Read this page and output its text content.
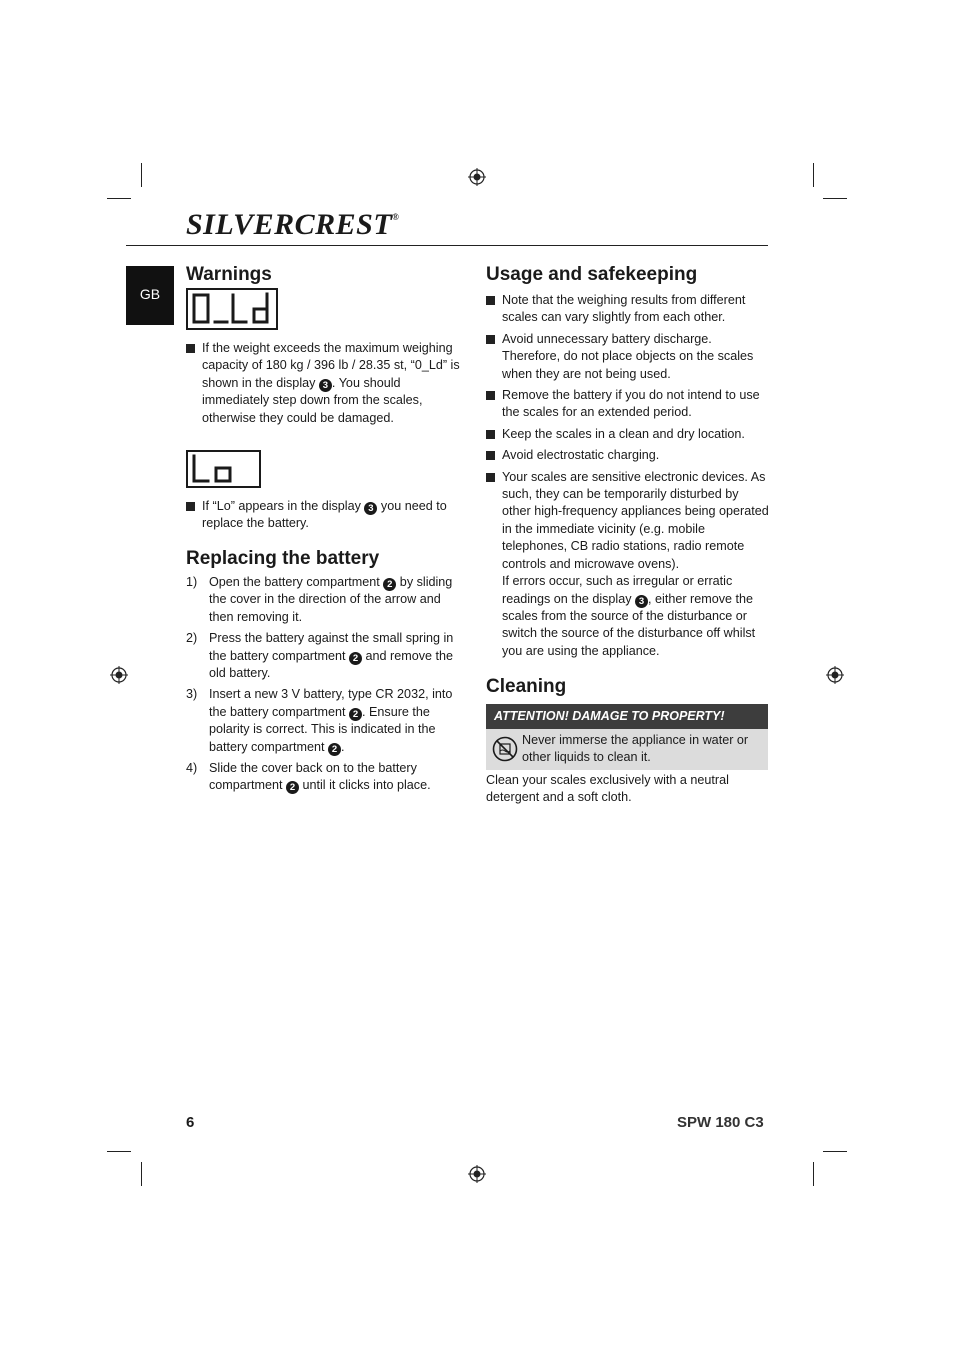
SILVERCREST®
GB
Warnings
If the weight exceeds the maximum weighing capacity of 180 kg / 396 lb / 28.35 st, “0_Ld” is shown in the display 3 . You should immediately step down from the scales, otherwise they could be damaged.
If “Lo” appears in the display 3 you need to replace the battery.
Replacing the battery
1) Open the battery compartment 2 by sliding the cover in the direction of the arrow and then removing it.
2) Press the battery against the small spring in the battery compartment 2 and remove the old battery.
3) Insert a new 3 V battery, type CR 2032, into the battery compartment 2 . Ensure the polarity is correct. This is indicated in the battery compartment 2 .
4) Slide the cover back on to the battery compartment 2 until it clicks into place.
Usage and safekeeping
Note that the weighing results from different scales can vary slightly from each other.
Avoid unnecessary battery discharge. Therefore, do not place objects on the scales when they are not being used.
Remove the battery if you do not intend to use the scales for an extended period.
Keep the scales in a clean and dry location.
Avoid electrostatic charging.
Your scales are sensitive electronic devices. As such, they can be temporarily disturbed by other high-frequency appliances being operated in the immediate vicinity (e.g. mobile telephones, CB radio stations, radio remote controls and microwave ovens).
If errors occur, such as irregular or erratic readings on the display 3 , either remove the scales from the source of the disturbance or switch the source of the disturbance off whilst you are using the appliance.
Cleaning
ATTENTION! DAMAGE TO PROPERTY!
Never immerse the appliance in water or other liquids to clean it.
Clean your scales exclusively with a neutral detergent and a soft cloth.
6	SPW 180 C3
